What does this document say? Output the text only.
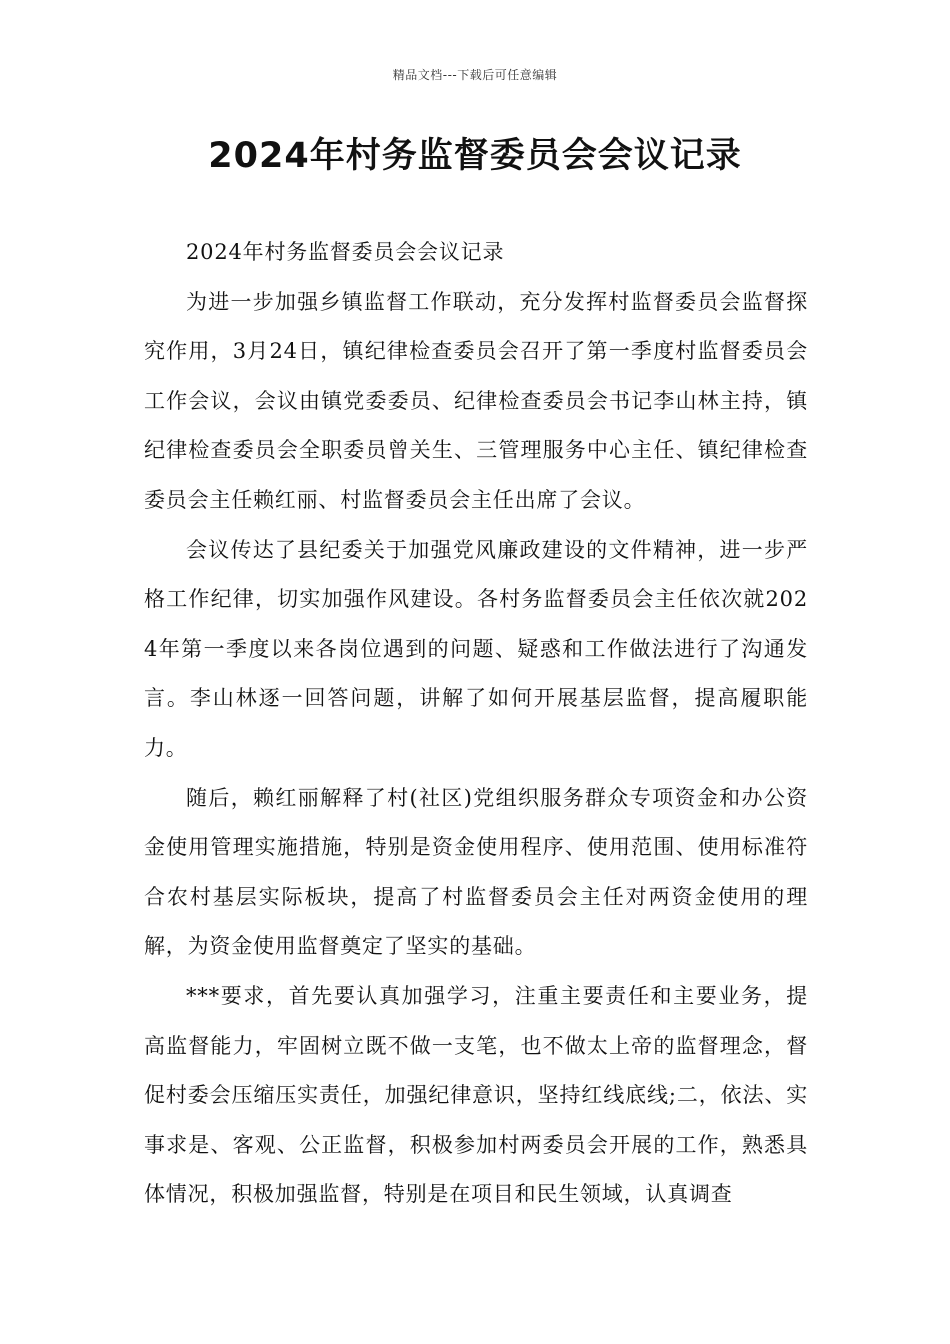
精品文档---下载后可任意编辑
2024年村务监督委员会会议记录

2024年村务监督委员会会议记录

为进一步加强乡镇监督工作联动，充分发挥村监督委员会监督探究作用，3月24日，镇纪律检查委员会召开了第一季度村监督委员会工作会议，会议由镇党委委员、纪律检查委员会书记李山林主持，镇纪律检查委员会全职委员曾关生、三管理服务中心主任、镇纪律检查委员会主任赖红丽、村监督委员会主任出席了会议。

会议传达了县纪委关于加强党风廉政建设的文件精神，进一步严格工作纪律，切实加强作风建设。各村务监督委员会主任依次就2024年第一季度以来各岗位遇到的问题、疑惑和工作做法进行了沟通发言。李山林逐一回答问题，讲解了如何开展基层监督，提高履职能力。

随后，赖红丽解释了村(社区)党组织服务群众专项资金和办公资金使用管理实施措施，特别是资金使用程序、使用范围、使用标准符合农村基层实际板块，提高了村监督委员会主任对两资金使用的理解，为资金使用监督奠定了坚实的基础。

***要求，首先要认真加强学习，注重主要责任和主要业务，提高监督能力，牢固树立既不做一支笔，也不做太上帝的监督理念，督促村委会压缩压实责任，加强纪律意识，坚持红线底线;二，依法、实事求是、客观、公正监督，积极参加村两委员会开展的工作，熟悉具体情况，积极加强监督，特别是在项目和民生领域，认真调查
